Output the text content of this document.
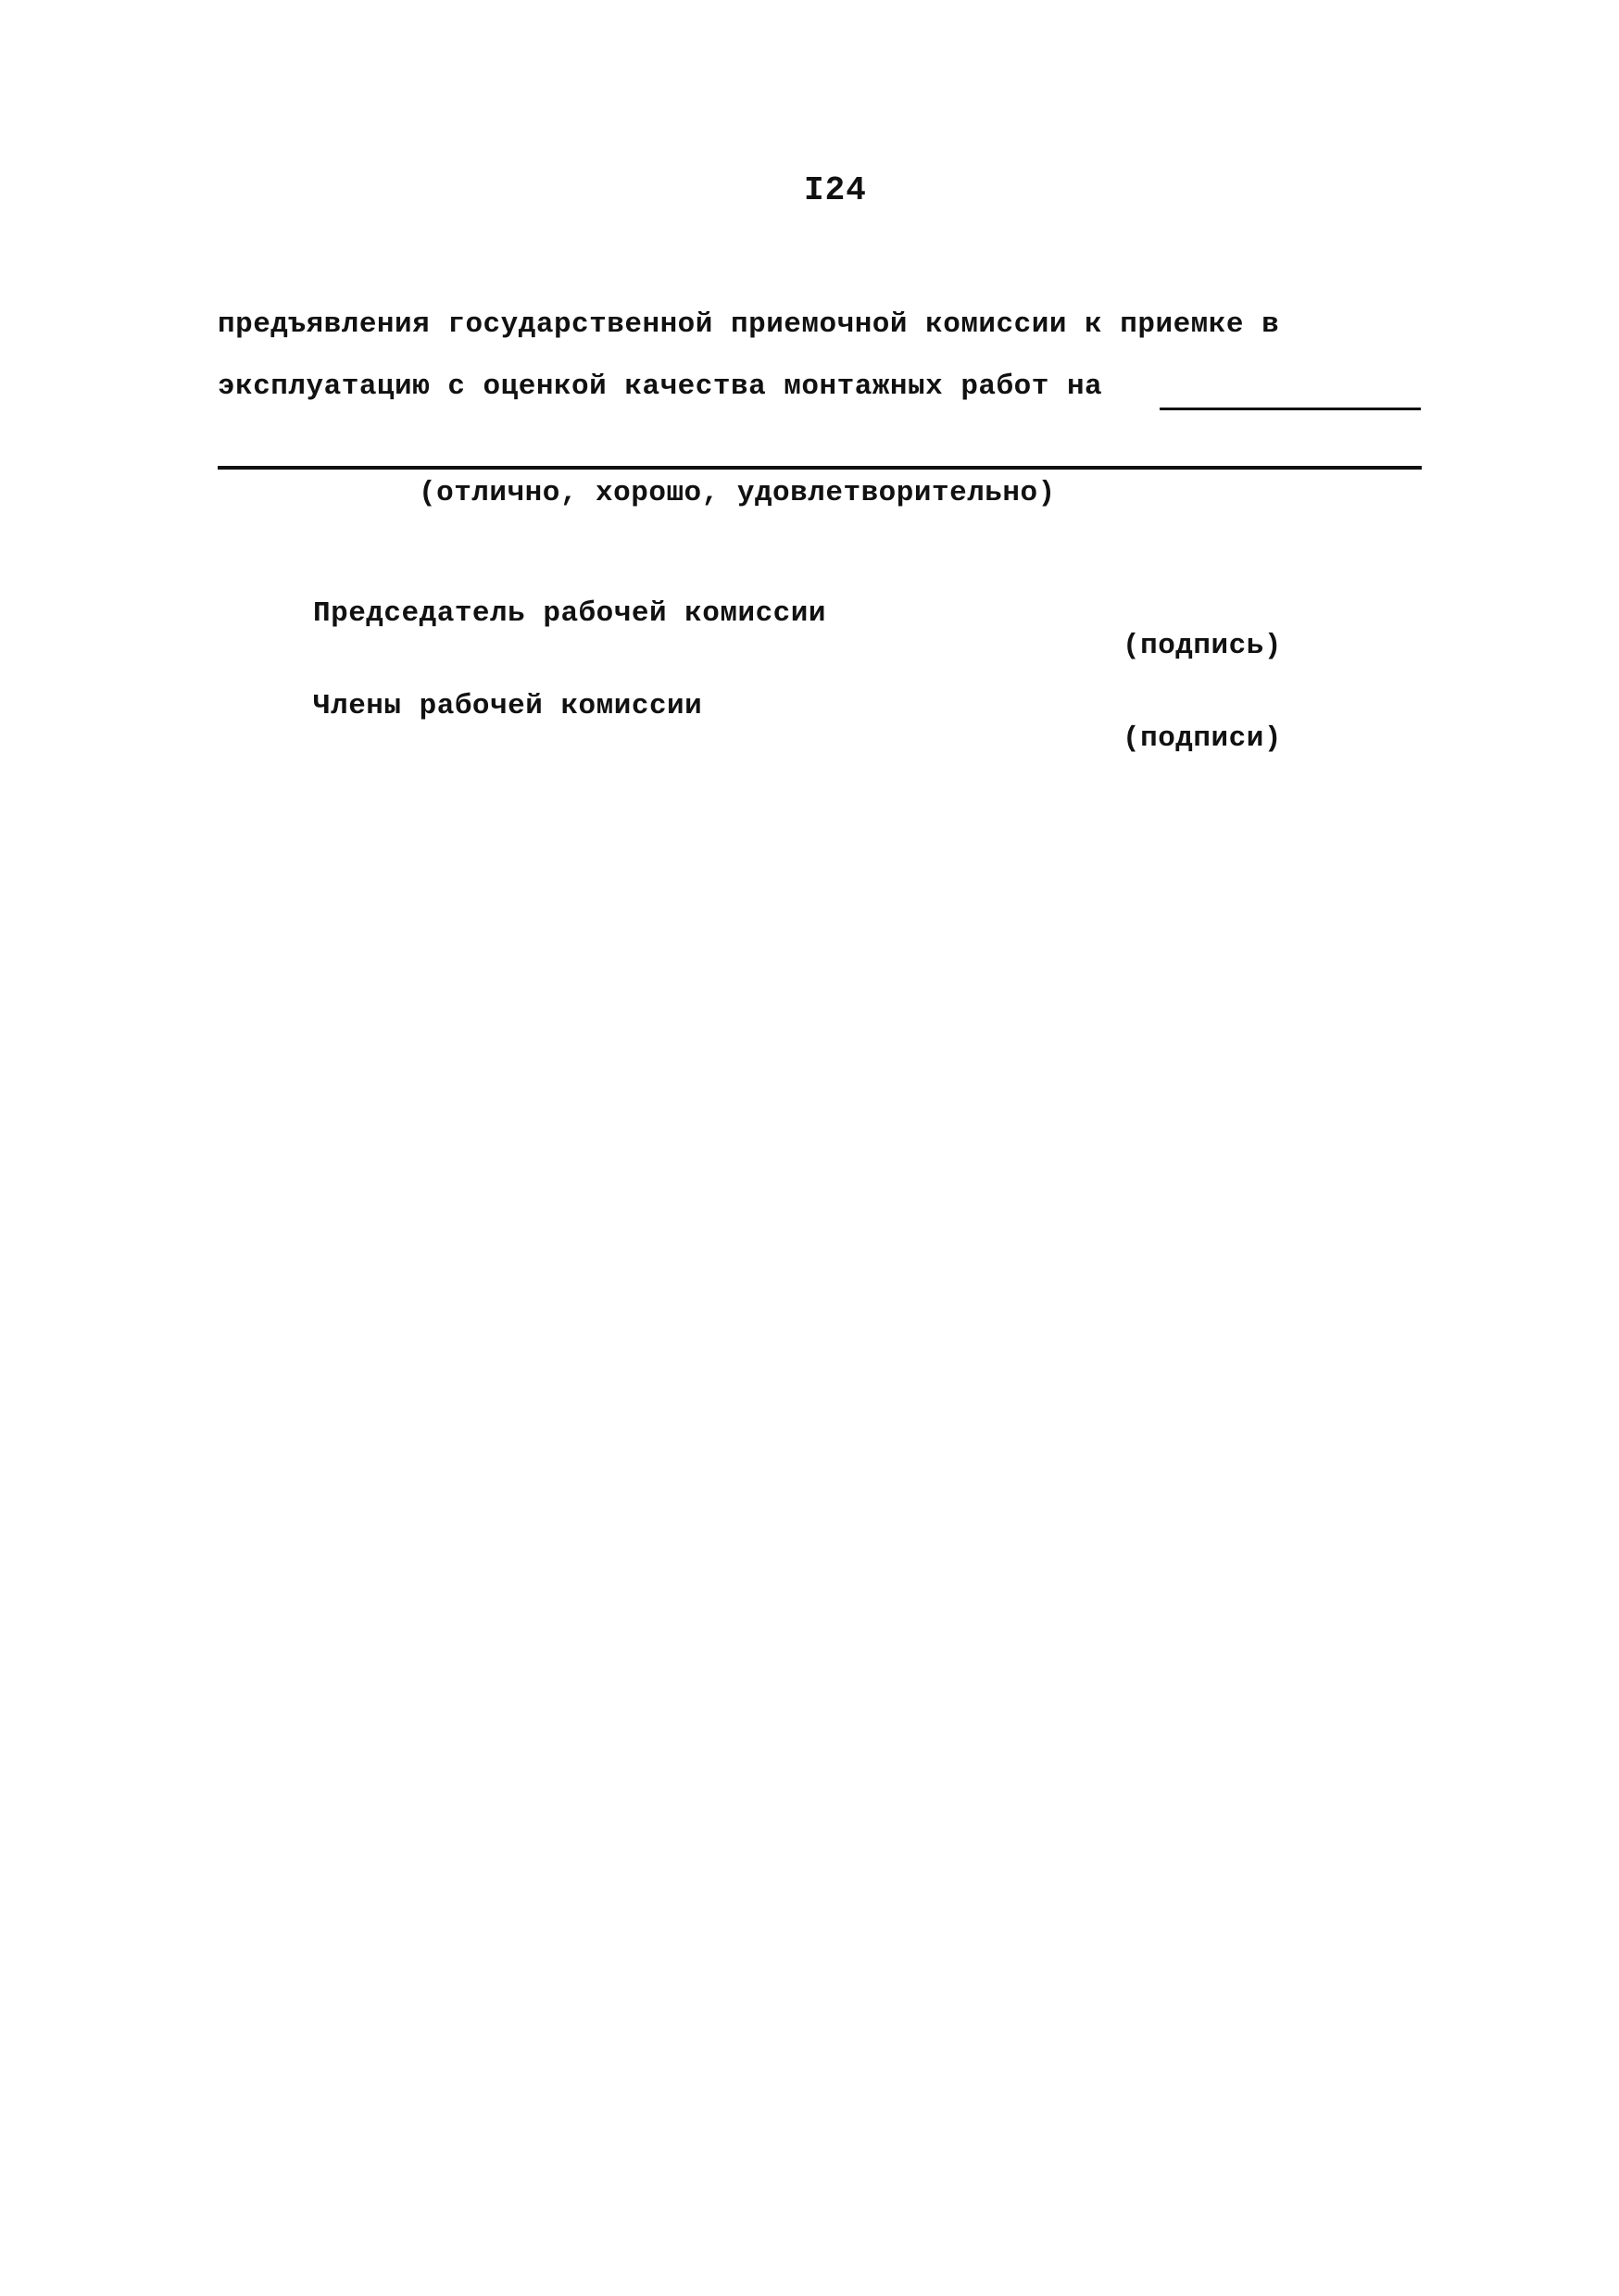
I24
предъявления государственной приемочной комиссии к приемке в
эксплуатацию с оценкой качества монтажных работ на
(отлично, хорошо, удовлетворительно)
Председатель рабочей комиссии
(подпись)
Члены рабочей комиссии
(подписи)
